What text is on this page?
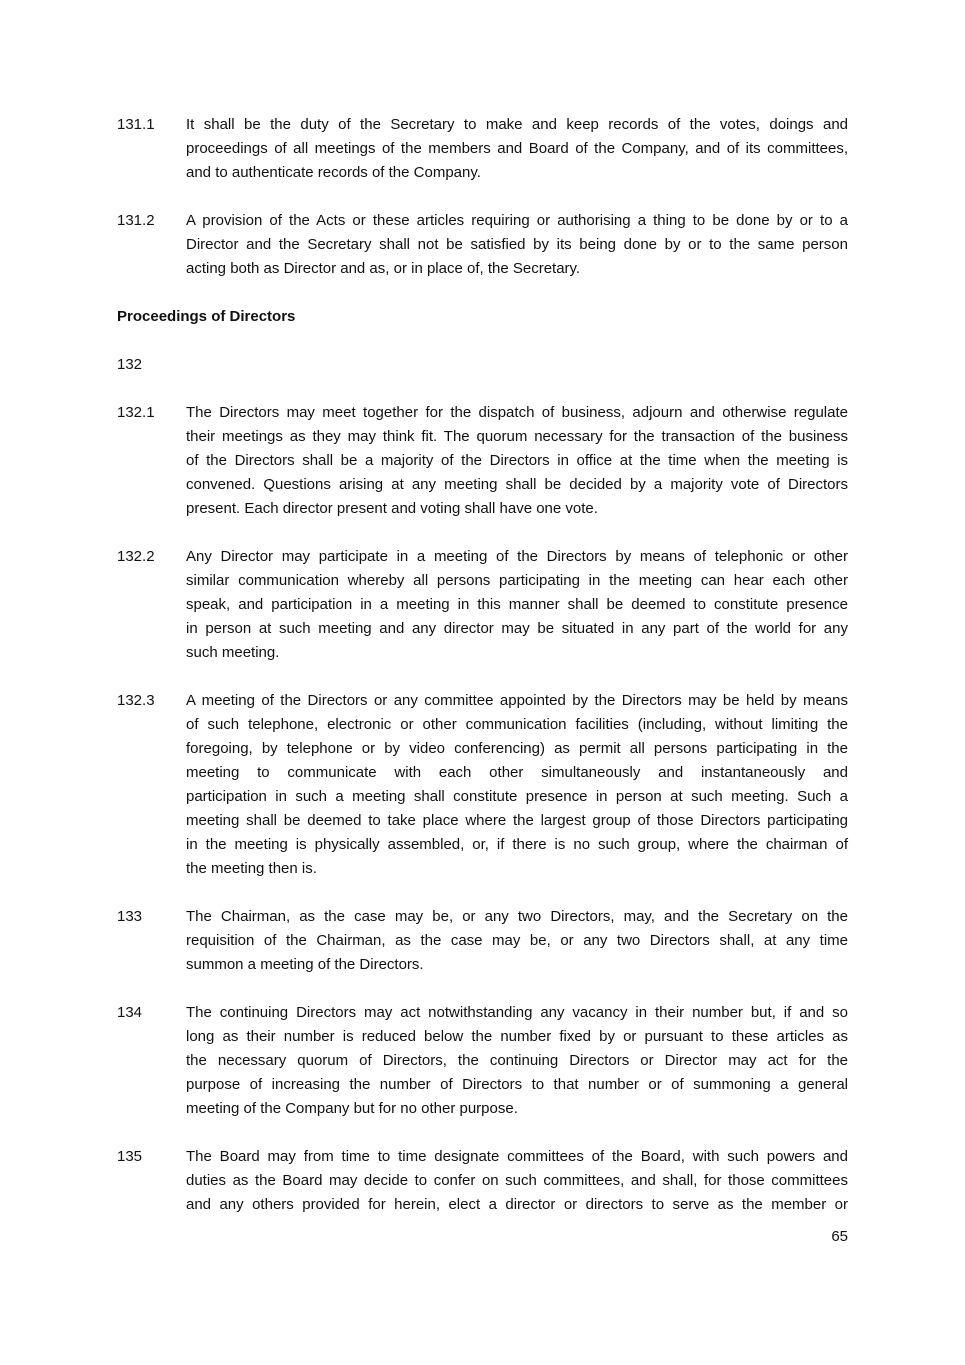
131.1	It shall be the duty of the Secretary to make and keep records of the votes, doings and
proceedings of all meetings of the members and Board of the Company, and of its committees,
and to authenticate records of the Company.
131.2	A provision of the Acts or these articles requiring or authorising a thing to be done by or to a
Director and the Secretary shall not be satisfied by its being done by or to the same person
acting both as Director and as, or in place of, the Secretary.
Proceedings of Directors
132
132.1	The Directors may meet together for the dispatch of business, adjourn and otherwise regulate
their meetings as they may think fit. The quorum necessary for the transaction of the business
of the Directors shall be a majority of the Directors in office at the time when the meeting is
convened. Questions arising at any meeting shall be decided by a majority vote of Directors
present. Each director present and voting shall have one vote.
132.2	Any Director may participate in a meeting of the Directors by means of telephonic or other
similar communication whereby all persons participating in the meeting can hear each other
speak, and participation in a meeting in this manner shall be deemed to constitute presence
in person at such meeting and any director may be situated in any part of the world for any
such meeting.
132.3	A meeting of the Directors or any committee appointed by the Directors may be held by means
of such telephone, electronic or other communication facilities (including, without limiting the
foregoing, by telephone or by video conferencing) as permit all persons participating in the
meeting to communicate with each other simultaneously and instantaneously and
participation in such a meeting shall constitute presence in person at such meeting. Such a
meeting shall be deemed to take place where the largest group of those Directors participating
in the meeting is physically assembled, or, if there is no such group, where the chairman of
the meeting then is.
133	The Chairman, as the case may be, or any two Directors, may, and the Secretary on the
requisition of the Chairman, as the case may be, or any two Directors shall, at any time
summon a meeting of the Directors.
134	The continuing Directors may act notwithstanding any vacancy in their number but, if and so
long as their number is reduced below the number fixed by or pursuant to these articles as
the necessary quorum of Directors, the continuing Directors or Director may act for the
purpose of increasing the number of Directors to that number or of summoning a general
meeting of the Company but for no other purpose.
135	The Board may from time to time designate committees of the Board, with such powers and
duties as the Board may decide to confer on such committees, and shall, for those committees
and any others provided for herein, elect a director or directors to serve as the member or
65
